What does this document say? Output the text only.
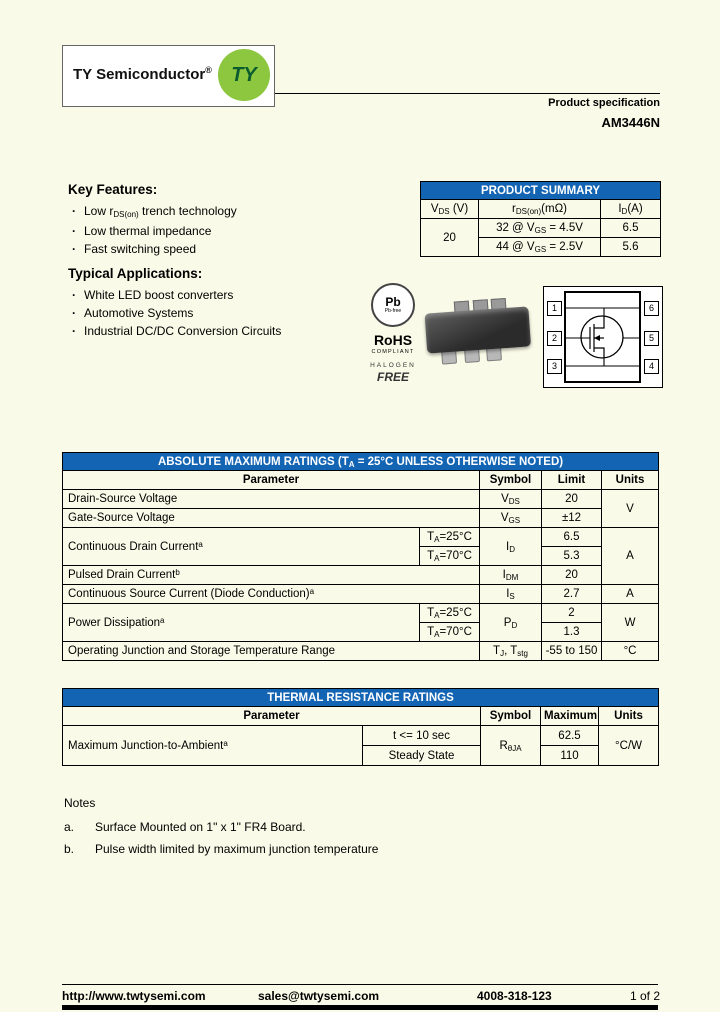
TY Semiconductor® TY
Product specification
AM3446N
Key Features:
· Low $r_{DS(on)}$ trench technology
· Low thermal impedance
· Fast switching speed
Typical Applications:
· White LED boost converters
· Automotive Systems
· Industrial DC/DC Conversion Circuits
PRODUCT SUMMARY		
$V_{DS}$ (V)	$r_{DS(on)}(m\Omega)$	$I_D(A)$
20	32 @ $V_{GS} = 4.5V$	6.5
	44 @ $V_{GS} = 2.5V$	5.6
Pb
Pb-free
RoHS
COMPLIANT
HALOGEN
FREE
1
2
3
6
5
4
ABSOLUTE MAXIMUM RATINGS ($T_A = 25^\circ C$ UNLESS OTHERWISE NOTED)				
Parameter		Symbol	Limit	Units
Drain-Source Voltage		$V_{DS}$	20	V
Gate-Source Voltage		$V_{GS}$	±12	
Continuous Drain Current$^a$	$T_A=25^\circ C$	$I_D$	6.5	A
	$T_A=70^\circ C$		5.3	
Pulsed Drain Current$^b$		$I_{DM}$	20	
Continuous Source Current (Diode Conduction)$^a$		$I_S$	2.7	A
Power Dissipation$^a$	$T_A=25^\circ C$	$P_D$	2	W
	$T_A=70^\circ C$		1.3	
Operating Junction and Storage Temperature Range		$T_J$, $T_{stg}$	-55 to 150	°C
THERMAL RESISTANCE RATINGS				
Parameter		Symbol	Maximum	Units
Maximum Junction-to-Ambient$^a$	t <= 10 sec	$R_{\theta JA}$	62.5	°C/W
	Steady State		110	
Notes
a.	Surface Mounted on 1" x 1" FR4 Board.
b.	Pulse width limited by maximum junction temperature
http://www.twtysemi.com	sales@twtysemi.com	4008-318-123	1 of 2
